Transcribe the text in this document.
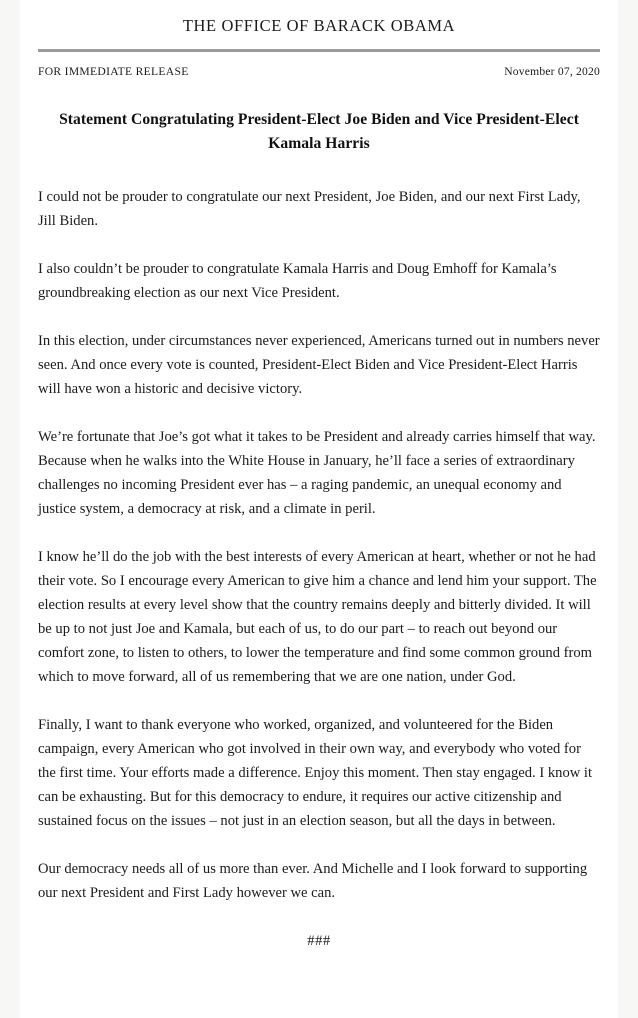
THE OFFICE OF BARACK OBAMA
FOR IMMEDIATE RELEASE	November 07, 2020
Statement Congratulating President-Elect Joe Biden and Vice President-Elect Kamala Harris

I could not be prouder to congratulate our next President, Joe Biden, and our next First Lady, Jill Biden.

I also couldn’t be prouder to congratulate Kamala Harris and Doug Emhoff for Kamala’s groundbreaking election as our next Vice President.

In this election, under circumstances never experienced, Americans turned out in numbers never seen. And once every vote is counted, President-Elect Biden and Vice President-Elect Harris will have won a historic and decisive victory.

We’re fortunate that Joe’s got what it takes to be President and already carries himself that way. Because when he walks into the White House in January, he’ll face a series of extraordinary challenges no incoming President ever has – a raging pandemic, an unequal economy and justice system, a democracy at risk, and a climate in peril.

I know he’ll do the job with the best interests of every American at heart, whether or not he had their vote. So I encourage every American to give him a chance and lend him your support. The election results at every level show that the country remains deeply and bitterly divided. It will be up to not just Joe and Kamala, but each of us, to do our part – to reach out beyond our comfort zone, to listen to others, to lower the temperature and find some common ground from which to move forward, all of us remembering that we are one nation, under God.

Finally, I want to thank everyone who worked, organized, and volunteered for the Biden campaign, every American who got involved in their own way, and everybody who voted for the first time. Your efforts made a difference. Enjoy this moment. Then stay engaged. I know it can be exhausting. But for this democracy to endure, it requires our active citizenship and sustained focus on the issues – not just in an election season, but all the days in between.

Our democracy needs all of us more than ever. And Michelle and I look forward to supporting our next President and First Lady however we can.

###
